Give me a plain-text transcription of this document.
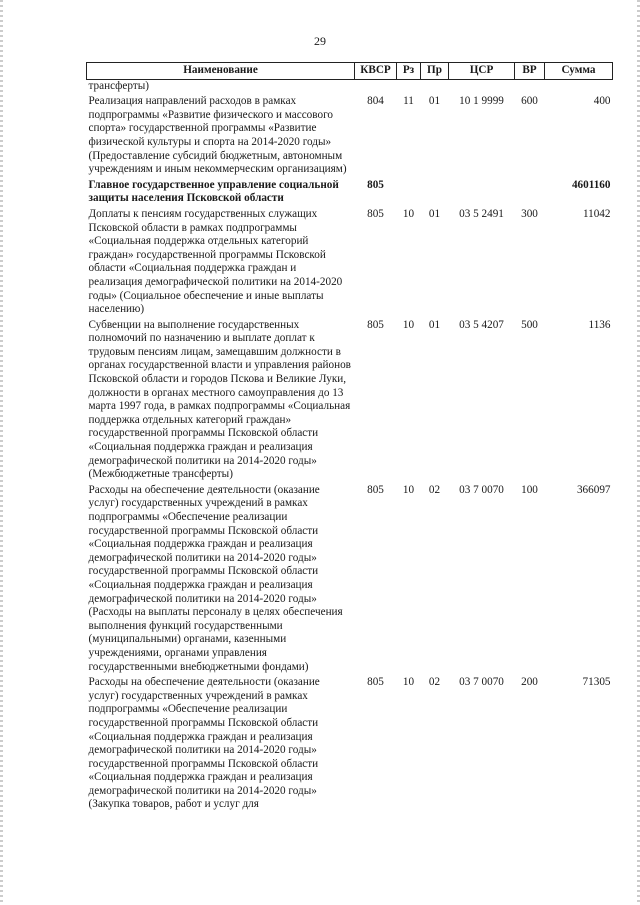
29
Наименование	КВСР	Рз	Пр	ЦСР	ВР	Сумма
трансферты)						
Реализация направлений расходов в рамках подпрограммы «Развитие физического и массового спорта» государственной программы «Развитие физической культуры и спорта на 2014-2020 годы» (Предоставление субсидий бюджетным, автономным учреждениям и иным некоммерческим организациям)	804	11	01	10 1 9999	600	400
Главное государственное управление социальной защиты населения Псковской области	805					4601160
Доплаты к пенсиям государственных служащих Псковской области в рамках подпрограммы «Социальная поддержка отдельных категорий граждан» государственной программы Псковской области «Социальная поддержка граждан и реализация демографической политики на 2014-2020 годы» (Социальное обеспечение и иные выплаты населению)	805	10	01	03 5 2491	300	11042
Субвенции на выполнение государственных полномочий по назначению и выплате доплат к трудовым пенсиям лицам, замещавшим должности в органах государственной власти и управления районов Псковской области и городов Пскова и Великие Луки, должности в органах местного самоуправления до 13 марта 1997 года, в рамках подпрограммы «Социальная поддержка отдельных категорий граждан» государственной программы Псковской области «Социальная поддержка граждан и реализация демографической политики на 2014-2020 годы» (Межбюджетные трансферты)	805	10	01	03 5 4207	500	1136
Расходы на обеспечение деятельности (оказание услуг) государственных учреждений в рамках подпрограммы «Обеспечение реализации государственной программы Псковской области «Социальная поддержка граждан и реализация демографической политики на 2014-2020 годы» государственной программы Псковской области «Социальная поддержка граждан и реализация демографической политики на 2014-2020 годы» (Расходы на выплаты персоналу в целях обеспечения выполнения функций государственными (муниципальными) органами, казенными учреждениями, органами управления государственными внебюджетными фондами)	805	10	02	03 7 0070	100	366097
Расходы на обеспечение деятельности (оказание услуг) государственных учреждений в рамках подпрограммы «Обеспечение реализации государственной программы Псковской области «Социальная поддержка граждан и реализация демографической политики на 2014-2020 годы» государственной программы Псковской области «Социальная поддержка граждан и реализация демографической политики на 2014-2020 годы» (Закупка товаров, работ и услуг для	805	10	02	03 7 0070	200	71305
